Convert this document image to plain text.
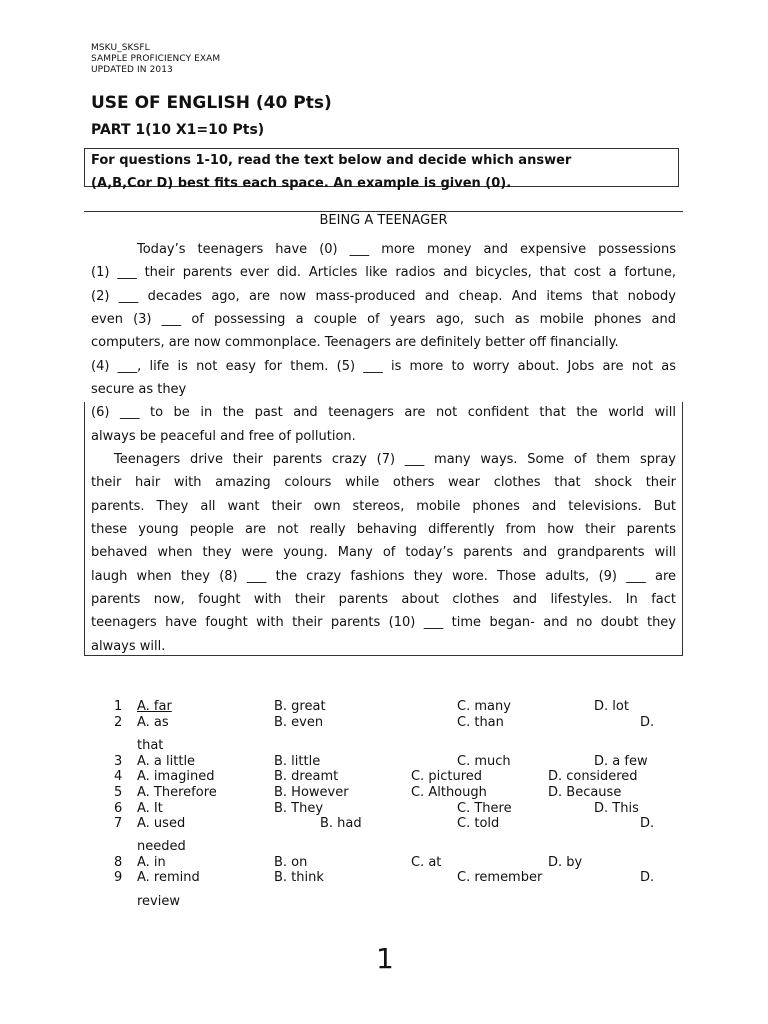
MSKU_SKSFL
SAMPLE PROFICIENCY EXAM
UPDATED IN 2013
USE OF ENGLISH (40 Pts)
PART 1(10 X1=10 Pts)
For questions 1-10, read the text below and decide which answer
(A,B,Cor D) best fits each space. An example is given (0).
BEING A TEENAGER
Today’s teenagers have (0) ___ more money and expensive possessions
(1) ___ their parents ever did. Articles like radios and bicycles, that cost a fortune,
(2) ___ decades ago, are now mass-produced and cheap. And items that nobody
even (3) ___ of possessing a couple of years ago, such as mobile phones and
computers, are now commonplace. Teenagers are definitely better off financially.
(4) ___, life is not easy for them. (5) ___ is more to worry about. Jobs are not as
secure as they
(6) ___ to be in the past and teenagers are not confident that the world will
always be peaceful and free of pollution.
Teenagers drive their parents crazy (7) ___ many ways. Some of them spray
their hair with amazing colours while others wear clothes that shock their
parents. They all want their own stereos, mobile phones and televisions. But
these young people are not really behaving differently from how their parents
behaved when they were young. Many of today’s parents and grandparents will
laugh when they (8) ___ the crazy fashions they wore. Those adults, (9) ___ are
parents now, fought with their parents about clothes and lifestyles. In fact
teenagers have fought with their parents (10) ___ time began- and no doubt they
always will.
1 A. far	B. great	C. many	D. lot
2 A. as	B. even	C. than	D.
that
3 A. a little	B. little	C. much	D. a few
4 A. imagined	B. dreamt	C. pictured	D. considered
5 A. Therefore	B. However	C. Although	D. Because
6 A. It	B. They	C. There	D. This
7 A. used	B. had	C. told	D.
needed
8 A. in	B. on	C. at	D. by
9 A. remind	B. think	C. remember	D.
review
1
